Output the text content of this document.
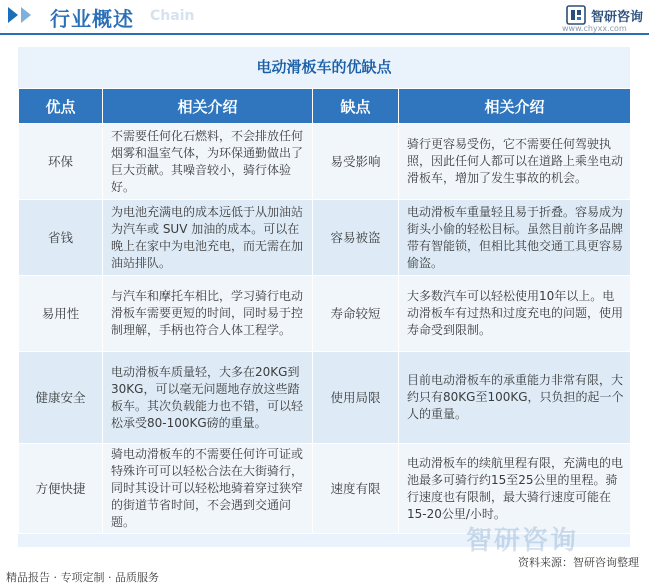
行业概述 Chain	智研咨询
www.chyxx.com
电动滑板车的优缺点
优点	相关介绍	缺点	相关介绍
环保	不需要任何化石燃料，不会排放任何烟雾和温室气体，为环保通勤做出了巨大贡献。其噪音较小，骑行体验好。	易受影响	骑行更容易受伤，它不需要任何驾驶执照，因此任何人都可以在道路上乘坐电动滑板车，增加了发生事故的机会。
省钱	为电池充满电的成本远低于从加油站为汽车或 SUV 加油的成本。可以在晚上在家中为电池充电，而无需在加油站排队。	容易被盗	电动滑板车重量轻且易于折叠。容易成为街头小偷的轻松目标。虽然目前许多品牌带有智能锁，但相比其他交通工具更容易偷盗。
易用性	与汽车和摩托车相比，学习骑行电动滑板车需要更短的时间，同时易于控制理解，手柄也符合人体工程学。	寿命较短	大多数汽车可以轻松使用10年以上。电动滑板车有过热和过度充电的问题，使用寿命受到限制。
健康安全	电动滑板车质量轻，大多在20KG到30KG，可以毫无问题地存放这些踏板车。其次负载能力也不错，可以轻松承受80-100KG磅的重量。	使用局限	目前电动滑板车的承重能力非常有限，大约只有80KG至100KG，只负担的起一个人的重量。
方便快捷	骑电动滑板车的不需要任何许可证或特殊许可可以轻松合法在大街骑行，同时其设计可以轻松地骑着穿过狭窄的街道节省时间，不会遇到交通问题。	速度有限	电动滑板车的续航里程有限，充满电的电池最多可骑行约15至25公里的里程。骑行速度也有限制，最大骑行速度可能在15-20公里/小时。
智研咨询
精品报告 · 专项定制 · 品质服务
资料来源：智研咨询整理
